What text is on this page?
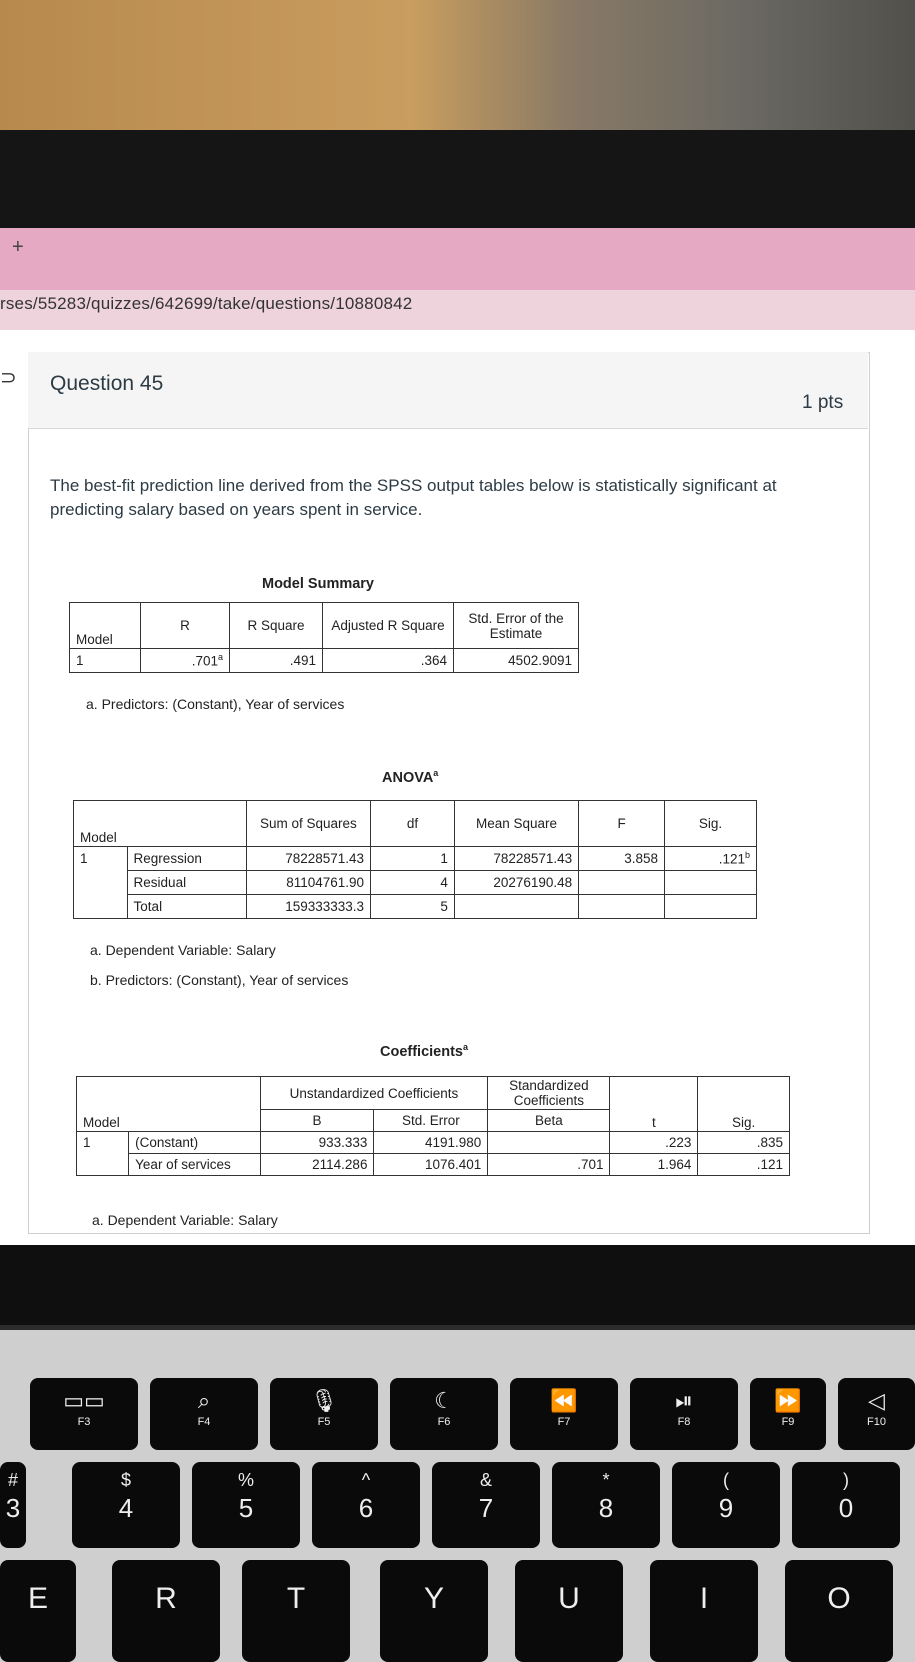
+
rses/55283/quizzes/642699/take/questions/10880842
⊃ Question 45
1 pts
The best-fit prediction line derived from the SPSS output tables below is statistically significant at predicting salary based on years spent in service.
Model Summary
Model	R	R Square	Adjusted R Square	Std. Error of the Estimate
1	.701$^a$	.491	.364	4502.9091
a. Predictors: (Constant), Year of services
ANOVA$^a$
Model		Sum of Squares	df	Mean Square	F	Sig.
1	Regression	78228571.43	1	78228571.43	3.858	.121$^b$
	Residual	81104761.90	4	20276190.48		
	Total	159333333.3	5			
a. Dependent Variable: Salary
b. Predictors: (Constant), Year of services
Coefficients$^a$
Model		Unstandardized Coefficients		Standardized Coefficients	t	Sig.
		B	Std. Error	Beta		
1	(Constant)	933.333	4191.980		.223	.835
	Year of services	2114.286	1076.401	.701	1.964	.121
a. Dependent Variable: Salary
▭▭
F3
⌕
F4
🎙
F5
☾
F6
⏪
F7
⏯
F8
⏩
F9
◁
F10
#
3
$
4
%
5
^
6
&
7
*
8
(
9
)
0
E	R	T	Y	U	I	O
